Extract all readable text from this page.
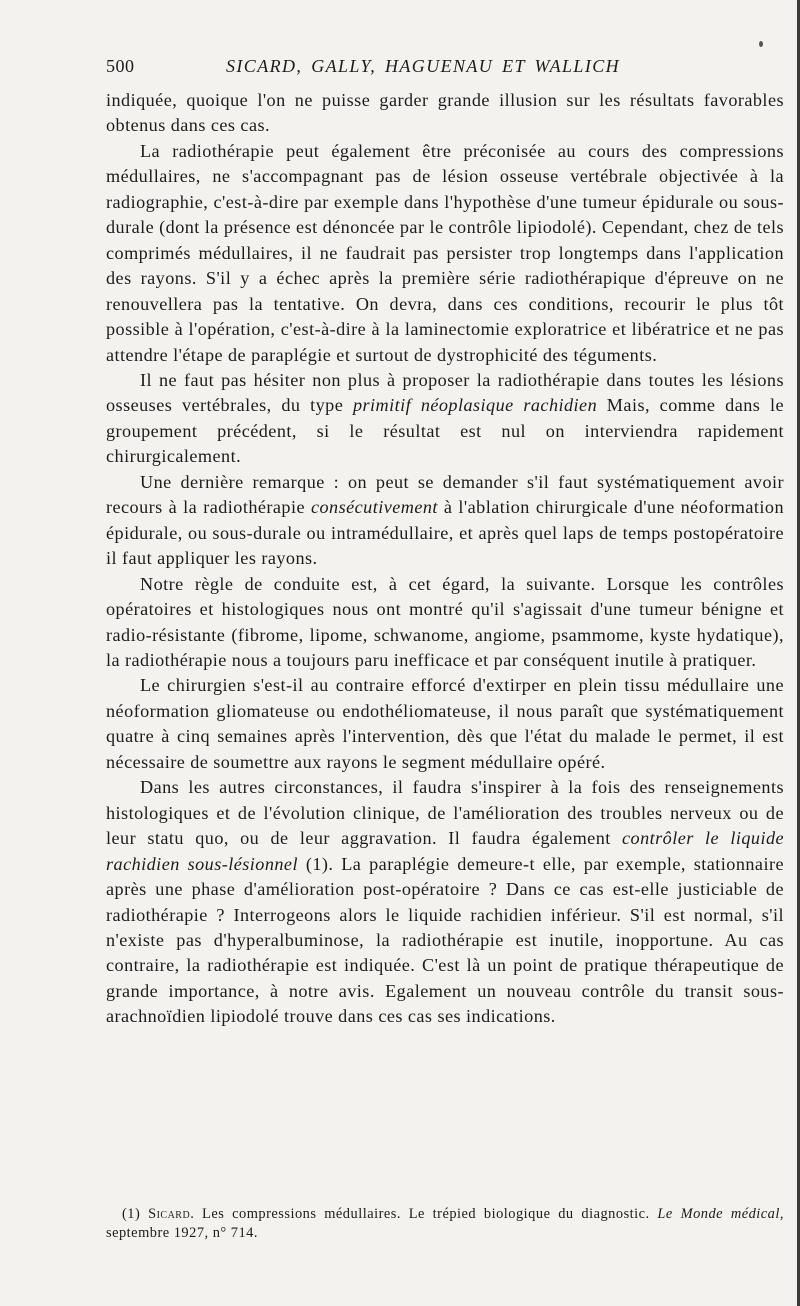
500	SICARD, GALLY, HAGUENAU ET WALLICH

indiquée, quoique l'on ne puisse garder grande illusion sur les résultats favorables obtenus dans ces cas.

La radiothérapie peut également être préconisée au cours des compressions médullaires, ne s'accompagnant pas de lésion osseuse vertébrale objectivée à la radiographie, c'est-à-dire par exemple dans l'hypothèse d'une tumeur épidurale ou sous-durale (dont la présence est dénoncée par le contrôle lipiodolé). Cependant, chez de tels comprimés médullaires, il ne faudrait pas persister trop longtemps dans l'application des rayons. S'il y a échec après la première série radiothérapique d'épreuve on ne renouvellera pas la tentative. On devra, dans ces conditions, recourir le plus tôt possible à l'opération, c'est-à-dire à la laminectomie exploratrice et libératrice et ne pas attendre l'étape de paraplégie et surtout de dystrophicité des téguments.

Il ne faut pas hésiter non plus à proposer la radiothérapie dans toutes les lésions osseuses vertébrales, du type primitif néoplasique rachidien Mais, comme dans le groupement précédent, si le résultat est nul on interviendra rapidement chirurgicalement.

Une dernière remarque : on peut se demander s'il faut systématiquement avoir recours à la radiothérapie consécutivement à l'ablation chirurgicale d'une néoformation épidurale, ou sous-durale ou intramédullaire, et après quel laps de temps postopératoire il faut appliquer les rayons.

Notre règle de conduite est, à cet égard, la suivante. Lorsque les contrôles opératoires et histologiques nous ont montré qu'il s'agissait d'une tumeur bénigne et radio-résistante (fibrome, lipome, schwanome, angiome, psammome, kyste hydatique), la radiothérapie nous a toujours paru inefficace et par conséquent inutile à pratiquer.

Le chirurgien s'est-il au contraire efforcé d'extirper en plein tissu médullaire une néoformation gliomateuse ou endothéliomateuse, il nous paraît que systématiquement quatre à cinq semaines après l'intervention, dès que l'état du malade le permet, il est nécessaire de soumettre aux rayons le segment médullaire opéré.

Dans les autres circonstances, il faudra s'inspirer à la fois des renseignements histologiques et de l'évolution clinique, de l'amélioration des troubles nerveux ou de leur statu quo, ou de leur aggravation. Il faudra également contrôler le liquide rachidien sous-lésionnel (1). La paraplégie demeure-t elle, par exemple, stationnaire après une phase d'amélioration post-opératoire ? Dans ce cas est-elle justiciable de radiothérapie ? Interrogeons alors le liquide rachidien inférieur. S'il est normal, s'il n'existe pas d'hyperalbuminose, la radiothérapie est inutile, inopportune. Au cas contraire, la radiothérapie est indiquée. C'est là un point de pratique thérapeutique de grande importance, à notre avis. Egalement un nouveau contrôle du transit sous-arachnoïdien lipiodolé trouve dans ces cas ses indications.

(1) Sicard. Les compressions médullaires. Le trépied biologique du diagnostic. Le Monde médical, septembre 1927, n° 714.
